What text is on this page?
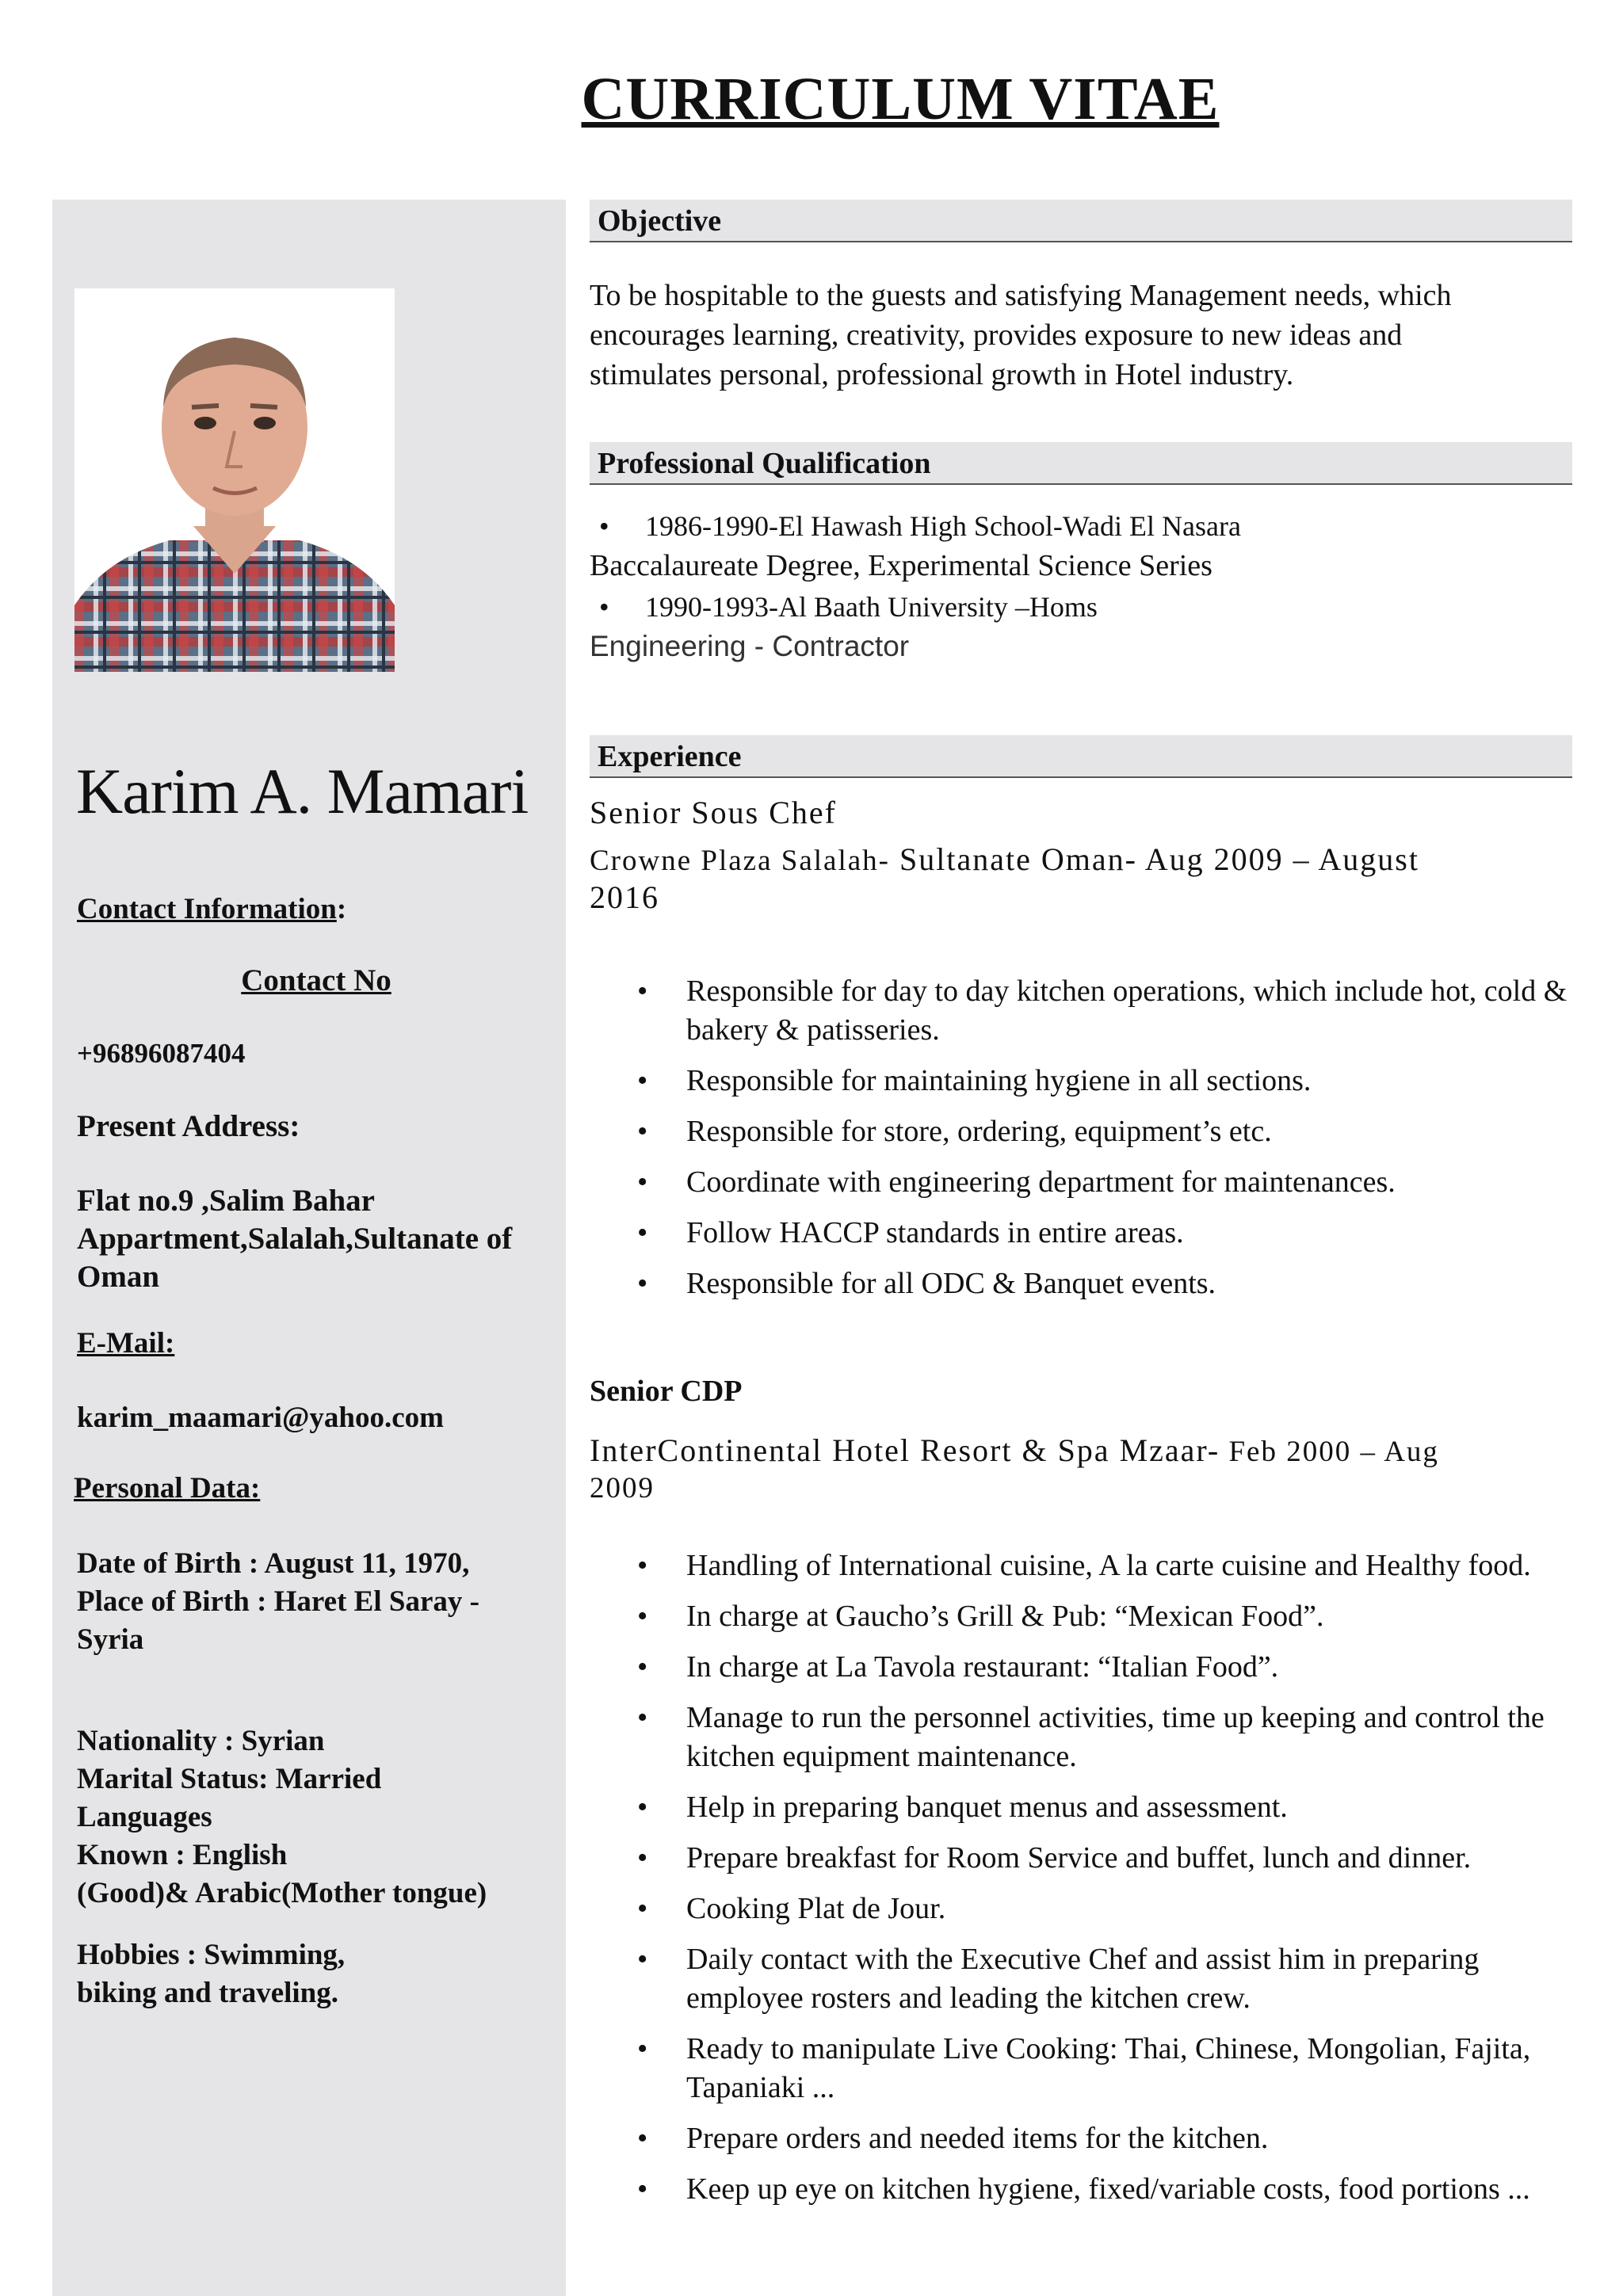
CURRICULUM VITAE
Karim A. Mamari
Contact Information:
Contact No
+96896087404
Present Address:
Flat no.9 ,Salim Bahar
Appartment,Salalah,Sultanate of
Oman
E-Mail:
karim_maamari@yahoo.com
Personal Data:
Date of Birth : August 11, 1970,
Place of Birth : Haret El Saray -
Syria
Nationality : Syrian
Marital Status: Married
Languages
Known : English
(Good)& Arabic(Mother tongue)
Hobbies : Swimming,
biking and traveling.
Objective
To be hospitable to the guests and satisfying Management needs, which
encourages learning, creativity, provides exposure to new ideas and
stimulates personal, professional growth in Hotel industry.
Professional Qualification
• 1986-1990-El Hawash High School-Wadi El Nasara
Baccalaureate Degree, Experimental Science Series
• 1990-1993-Al Baath University –Homs
Engineering - Contractor
Experience
Senior Sous Chef
Crowne Plaza Salalah- Sultanate Oman- Aug 2009 – August
2016
• Responsible for day to day kitchen operations, which include hot, cold & bakery & patisseries.
• Responsible for maintaining hygiene in all sections.
• Responsible for store, ordering, equipment’s etc.
• Coordinate with engineering department for maintenances.
• Follow HACCP standards in entire areas.
• Responsible for all ODC & Banquet events.
Senior CDP
InterContinental Hotel Resort & Spa Mzaar- Feb 2000 – Aug
2009
• Handling of International cuisine, A la carte cuisine and Healthy food.
• In charge at Gaucho’s Grill & Pub: “Mexican Food”.
• In charge at La Tavola restaurant: “Italian Food”.
• Manage to run the personnel activities, time up keeping and control the kitchen equipment maintenance.
• Help in preparing banquet menus and assessment.
• Prepare breakfast for Room Service and buffet, lunch and dinner.
• Cooking Plat de Jour.
• Daily contact with the Executive Chef and assist him in preparing employee rosters and leading the kitchen crew.
• Ready to manipulate Live Cooking: Thai, Chinese, Mongolian, Fajita, Tapaniaki ...
• Prepare orders and needed items for the kitchen.
• Keep up eye on kitchen hygiene, fixed/variable costs, food portions ...
